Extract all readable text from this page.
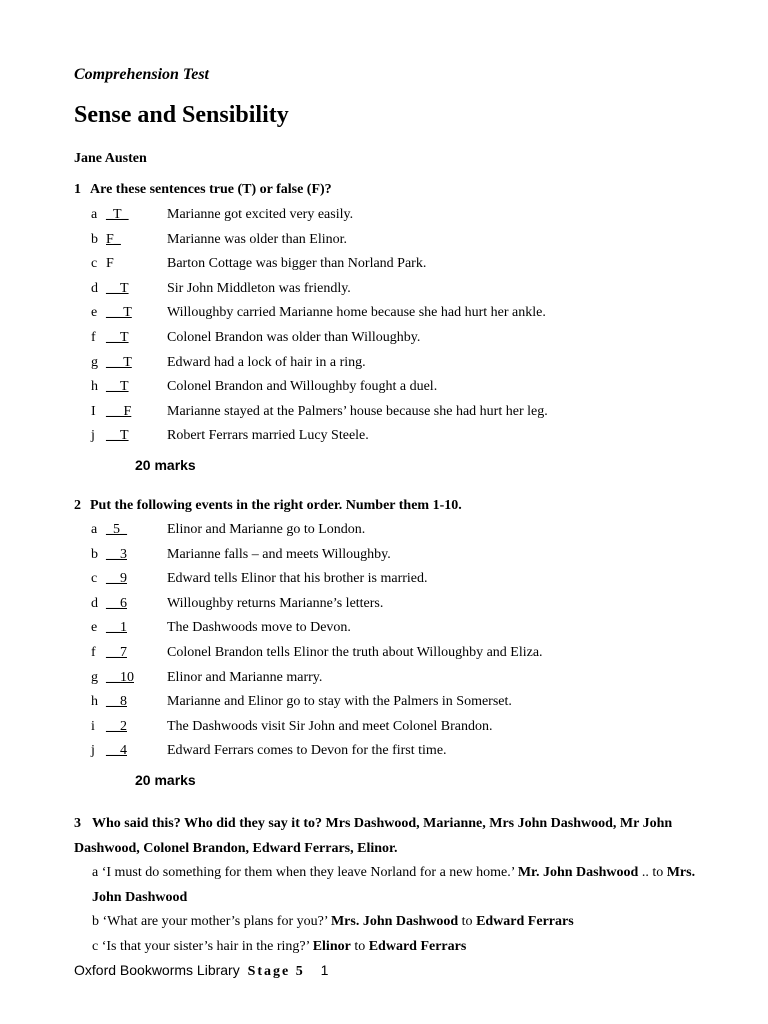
Comprehension Test
Sense and Sensibility
Jane Austen
1 Are these sentences true (T) or false (F)?
a _T_	Marianne got excited very easily.
b F_	Marianne was older than Elinor.
c F	Barton Cottage was bigger than Norland Park.
d __T	Sir John Middleton was friendly.
e __ T	Willoughby carried Marianne home because she had hurt her ankle.
f __T	Colonel Brandon was older than Willoughby.
g __ T	Edward had a lock of hair in a ring.
h __T	Colonel Brandon and Willoughby fought a duel.
I __ F	Marianne stayed at the Palmers’ house because she had hurt her leg.
j __T	Robert Ferrars married Lucy Steele.
20 marks
2 Put the following events in the right order. Number them 1-10.
a _5_	Elinor and Marianne go to London.
b __3	Marianne falls – and meets Willoughby.
c __9	Edward tells Elinor that his brother is married.
d __6	Willoughby returns Marianne’s letters.
e __1	The Dashwoods move to Devon.
f __7	Colonel Brandon tells Elinor the truth about Willoughby and Eliza.
g __10 Elinor and Marianne marry.
h __8	Marianne and Elinor go to stay with the Palmers in Somerset.
i __2	The Dashwoods visit Sir John and meet Colonel Brandon.
j __4	Edward Ferrars comes to Devon for the first time.
20 marks
3 Who said this? Who did they say it to? Mrs Dashwood, Marianne, Mrs John Dashwood, Mr John Dashwood, Colonel Brandon, Edward Ferrars, Elinor.
a ‘I must do something for them when they leave Norland for a new home.’ Mr. John Dashwood .. to Mrs. John Dashwood
b ‘What are your mother’s plans for you?’ Mrs. John Dashwood to Edward Ferrars
c ‘Is that your sister’s hair in the ring?’ Elinor to Edward Ferrars
Oxford Bookworms Library Stage 5 1
